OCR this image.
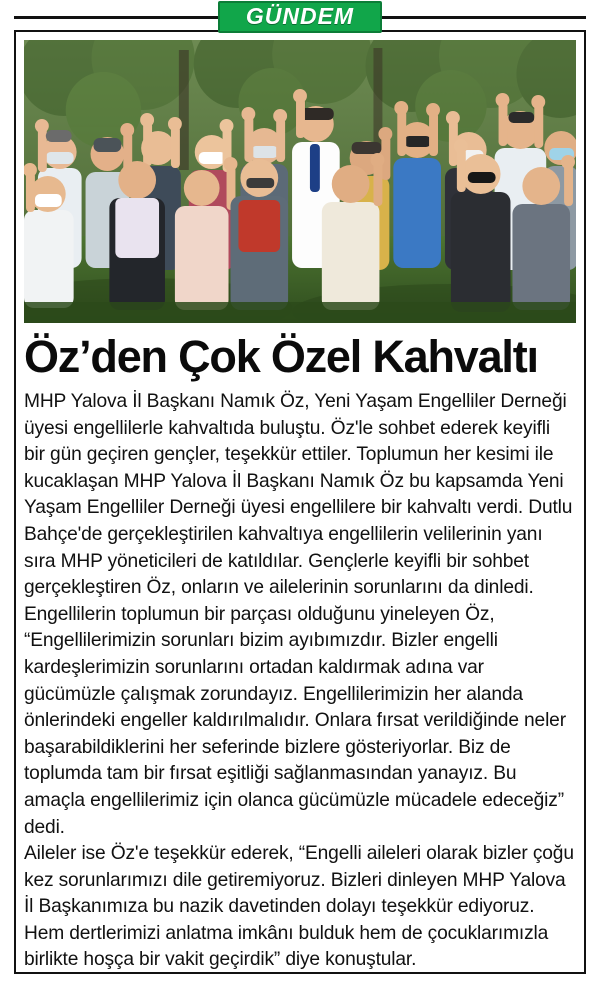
GÜNDEM
Öz’den Çok Özel Kahvaltı

MHP Yalova İl Başkanı Namık Öz, Yeni Yaşam Engelliler Derneği üyesi engellilerle kahvaltıda buluştu. Öz'le sohbet ederek keyifli bir gün geçiren gençler, teşekkür ettiler. Toplumun her kesimi ile kucaklaşan MHP Yalova İl Başkanı Namık Öz bu kapsamda Yeni Yaşam Engelliler Derneği üyesi engellilere bir kahvaltı verdi. Dutlu Bahçe'de gerçekleştirilen kahvaltıya engellilerin velilerinin yanı sıra MHP yöneticileri de katıldılar. Gençlerle keyifli bir sohbet gerçekleştiren Öz, onların ve ailelerinin sorunlarını da dinledi. Engellilerin toplumun bir parçası olduğunu yineleyen Öz, “Engellilerimizin sorunları bizim ayıbımızdır. Bizler engelli kardeşlerimizin sorunlarını ortadan kaldırmak adına var gücümüzle çalışmak zorundayız. Engellilerimizin her alanda önlerindeki engeller kaldırılmalıdır. Onlara fırsat verildiğinde neler başarabildiklerini her seferinde bizlere gösteriyorlar. Biz de toplumda tam bir fırsat eşitliği sağlanmasından yanayız. Bu amaçla engellilerimiz için olanca gücümüzle mücadele edeceğiz” dedi.

Aileler ise Öz'e teşekkür ederek, “Engelli aileleri olarak bizler çoğu kez sorunlarımızı dile getiremiyoruz. Bizleri dinleyen MHP Yalova İl Başkanımıza bu nazik davetinden dolayı teşekkür ediyoruz. Hem dertlerimizi anlatma imkânı bulduk hem de çocuklarımızla birlikte hoşça bir vakit geçirdik” diye konuştular.
